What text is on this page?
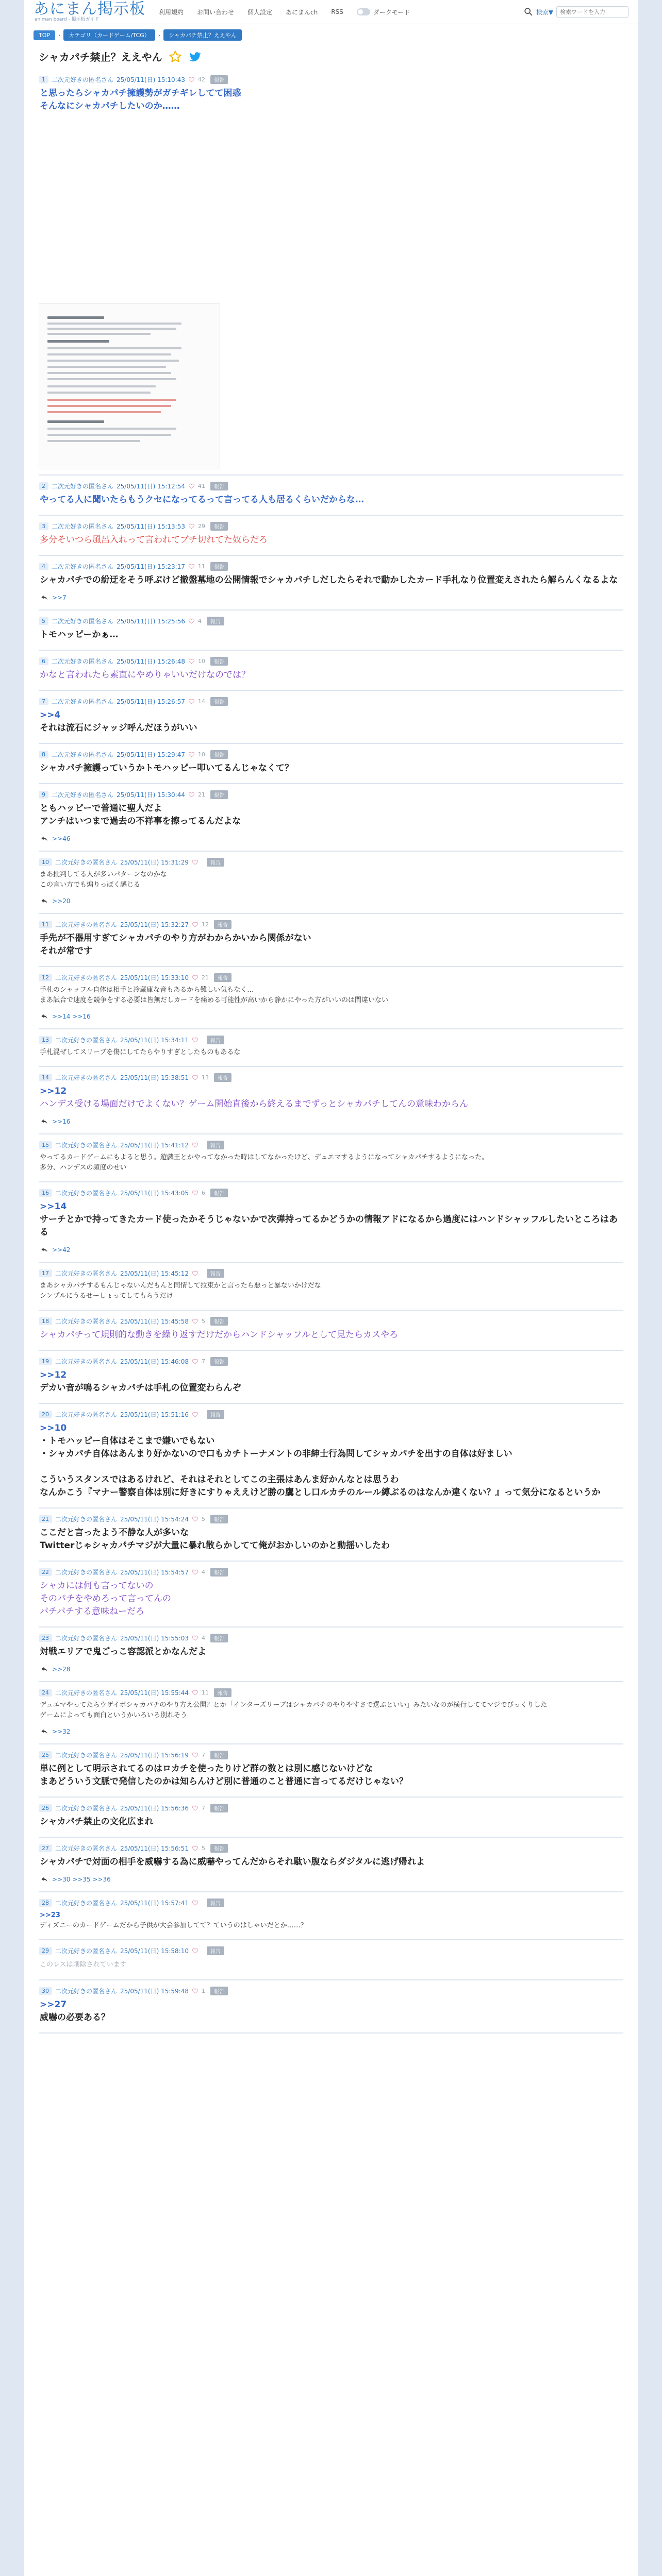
あにまん掲示板
animan board - 掲示板ガイド
利用規約 お問い合わせ 個人設定 あにまんch RSS	ダークモード	検索▼
検索ワードを入力
TOP	›	カテゴリ（カードゲーム/TCG）	›	シャカパチ禁止？ええやん
シャカパチ禁止？ええやん
1	二次元好きの匿名さん 25/05/11(日) 15:10:43 42	報告
と思ったらシャカパチ擁護勢がガチギレしてて困惑
そんなにシャカパチしたいのか……
2	二次元好きの匿名さん 25/05/11(日) 15:12:54 41	報告
やってる人に聞いたらもうクセになってるって言ってる人も居るくらいだからな…
3	二次元好きの匿名さん 25/05/11(日) 15:13:53 29	報告
多分そいつら風呂入れって言われてブチ切れてた奴らだろ
4	二次元好きの匿名さん 25/05/11(日) 15:23:17 11	報告
シャカパチでの紛迂をそう呼ぶけど撤盤墓地の公開情報でシャカパチしだしたらそれで動かしたカード手札なり位置変えされたら解らんくなるよな
>>7
5	二次元好きの匿名さん 25/05/11(日) 15:25:56 4	報告
トモハッピーかぁ…
6	二次元好きの匿名さん 25/05/11(日) 15:26:48 10	報告
かなと言われたら素直にやめりゃいいだけなのでは？
7	二次元好きの匿名さん 25/05/11(日) 15:26:57 14	報告
>>4
それは流石にジャッジ呼んだほうがいい
8	二次元好きの匿名さん 25/05/11(日) 15:29:47 10	報告
シャカパチ擁護っていうかトモハッピー叩いてるんじゃなくて？
9	二次元好きの匿名さん 25/05/11(日) 15:30:44 21	報告
ともハッピーで普通に聖人だよ
アンチはいつまで過去の不祥事を擦ってるんだよな
>>46
10	二次元好きの匿名さん 25/05/11(日) 15:31:29	報告
まあ批判してる人が多いパターンなのかな
この言い方でも煽りっぽく感じる
>>20
11	二次元好きの匿名さん 25/05/11(日) 15:32:27 12	報告
手先が不器用すぎてシャカパチのやり方がわからかいから関係がない
それが常です
12	二次元好きの匿名さん 25/05/11(日) 15:33:10 21	報告
手札のシャッフル自体は相手と冷蔵庫な音もあるから難しい気もなく…
まあ試合で速度を競争をする必要は皆無だしカードを痛める可能性が高いから静かにやった方がいいのは間違いない
>>14 >>16
13	二次元好きの匿名さん 25/05/11(日) 15:34:11	報告
手札混ぜしてスリーブを傷にしてたらやりすぎとしたものもあるな
14	二次元好きの匿名さん 25/05/11(日) 15:38:51 13	報告
>>12
ハンデス受ける場面だけでよくない？ゲーム開始直後から終えるまでずっとシャカパチしてんの意味わからん
>>16
15	二次元好きの匿名さん 25/05/11(日) 15:41:12	報告
やってるカードゲームにもよると思う。遊戯王とかやってなかった時はしてなかったけど、デュエマするようになってシャカパチするようになった。
多分、ハンデスの頻度のせい
16	二次元好きの匿名さん 25/05/11(日) 15:43:05 6	報告
>>14
サーチとかで持ってきたカード使ったかそうじゃないかで次弾持ってるかどうかの情報アドになるから過度にはハンドシャッフルしたいところはある
>>42
17	二次元好きの匿名さん 25/05/11(日) 15:45:12	報告
まあシャカパチするもんじゃないんだもんと同情して拉束かと言ったら悪っと暴ないかけだな
シンプルにうるせーしょってしてもらうだけ
18	二次元好きの匿名さん 25/05/11(日) 15:45:58 5	報告
シャカパチって規則的な動きを繰り返すだけだからハンドシャッフルとして見たらカスやろ
19	二次元好きの匿名さん 25/05/11(日) 15:46:08 7	報告
>>12
デカい音が鳴るシャカパチは手札の位置変わらんぞ
20	二次元好きの匿名さん 25/05/11(日) 15:51:16	報告
>>10
・トモハッピー自体はそこまで嫌いでもない
・シャカパチ自体はあんまり好かないので口もカチトーナメントの非紳士行為問してシャカパチを出すの自体は好ましい

こういうスタンスではあるけれど、それはそれとしてこの主張はあんま好かんなとは思うわ
なんかこう『マナー警察自体は別に好きにすりゃええけど勝の鷹とし口ルカチのルール縛ぶるのはなんか違くない？』って気分になるというか
21	二次元好きの匿名さん 25/05/11(日) 15:54:24 5	報告
ここだと言ったよう不静な人が多いな
Twitterじゃシャカパチマジが大量に暴れ散らかしてて俺がおかしいのかと動揺いしたわ
22	二次元好きの匿名さん 25/05/11(日) 15:54:57 4	報告
シャカには何も言ってないの
そのパチをやめろって言ってんの
パチパチする意味ねーだろ
23	二次元好きの匿名さん 25/05/11(日) 15:55:03 4	報告
対戦エリアで鬼ごっこ容認派とかなんだよ
>>28
24	二次元好きの匿名さん 25/05/11(日) 15:55:44 11	報告
デュエマやってたらウザイボシャカパチのやり方え公開？とか「インターズリーブはシャカパチのやりやすさで選ぶといい」みたいなのが横行しててマジでびっくりした
ゲームによっても面白というかいろいろ別れそう
>>32
25	二次元好きの匿名さん 25/05/11(日) 15:56:19 7	報告
単に例として明示されてるのはロカチを使ったりけど群の数とは別に感じないけどな
まあどういう文脈で発信したのかは知らんけど別に普通のこと普通に言ってるだけじゃない？
26	二次元好きの匿名さん 25/05/11(日) 15:56:36 7	報告
シャカパチ禁止の文化広まれ
27	二次元好きの匿名さん 25/05/11(日) 15:56:51 5	報告
シャカパチで対面の相手を威嚇する為に威嚇やってんだからそれ駄い腹ならダジタルに逃げ帰れよ
>>30 >>35 >>36
28	二次元好きの匿名さん 25/05/11(日) 15:57:41	報告
>>23
ディズニーのカードゲームだから子供が大会参加してて？ていうのはしゃいだとか……？
29	二次元好きの匿名さん 25/05/11(日) 15:58:10	報告
このレスは削除されています
30	二次元好きの匿名さん 25/05/11(日) 15:59:48 1	報告
>>27
威嚇の必要ある？
